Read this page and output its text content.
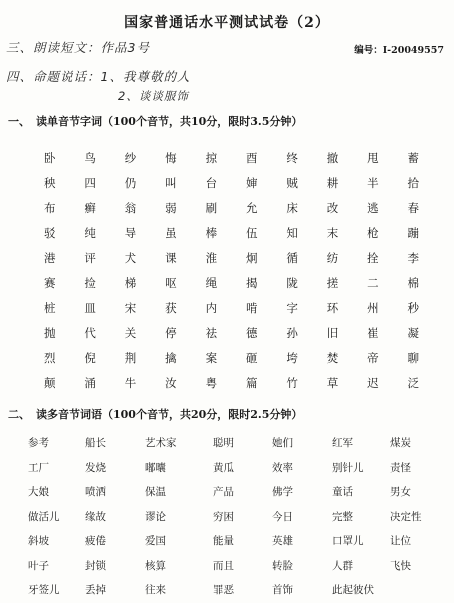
国家普通话水平测试试卷（2）
编号：I-20049557
三、朗读短文：作品3号
四、命题说话：1、我尊敬的人
2、谈谈服饰
一、 读单音节字词（100个音节，共10分，限时3.5分钟）
卧	鸟	纱	悔	掠	酉	终	撤	甩	蓄
秧	四	仍	叫	台	婶	贼	耕	半	拾
布	癣	翁	弱	刷	允	床	改	逃	春
驳	纯	导	虽	棒	伍	知	末	枪	蹦
港	评	犬	课	淮	炯	循	纺	拴	李
赛	捡	梯	呕	绳	揭	陇	搓	二	棉
桩	皿	宋	获	内	啃	字	环	州	秒
抛	代	关	停	祛	德	孙	旧	崔	凝
烈	倪	荆	擒	案	砸	垮	焚	帝	聊
颠	涌	牛	汝	粤	篇	竹	草	迟	泛
二、 读多音节词语（100个音节，共20分，限时2.5分钟）
参考	船长	艺术家	聪明	她们	红军	煤炭
工厂	发烧	嘟囔	黄瓜	效率	别针儿	责怪
大娘	喷洒	保温	产品	佛学	童话	男女
做活儿	缘故	谬论	穷困	今日	完整	决定性
斜坡	疲倦	爱国	能量	英雄	口罩儿	让位
叶子	封锁	核算	而且	转脸	人群	飞快
牙签儿	丢掉	往来	罪恶	首饰	此起彼伏
